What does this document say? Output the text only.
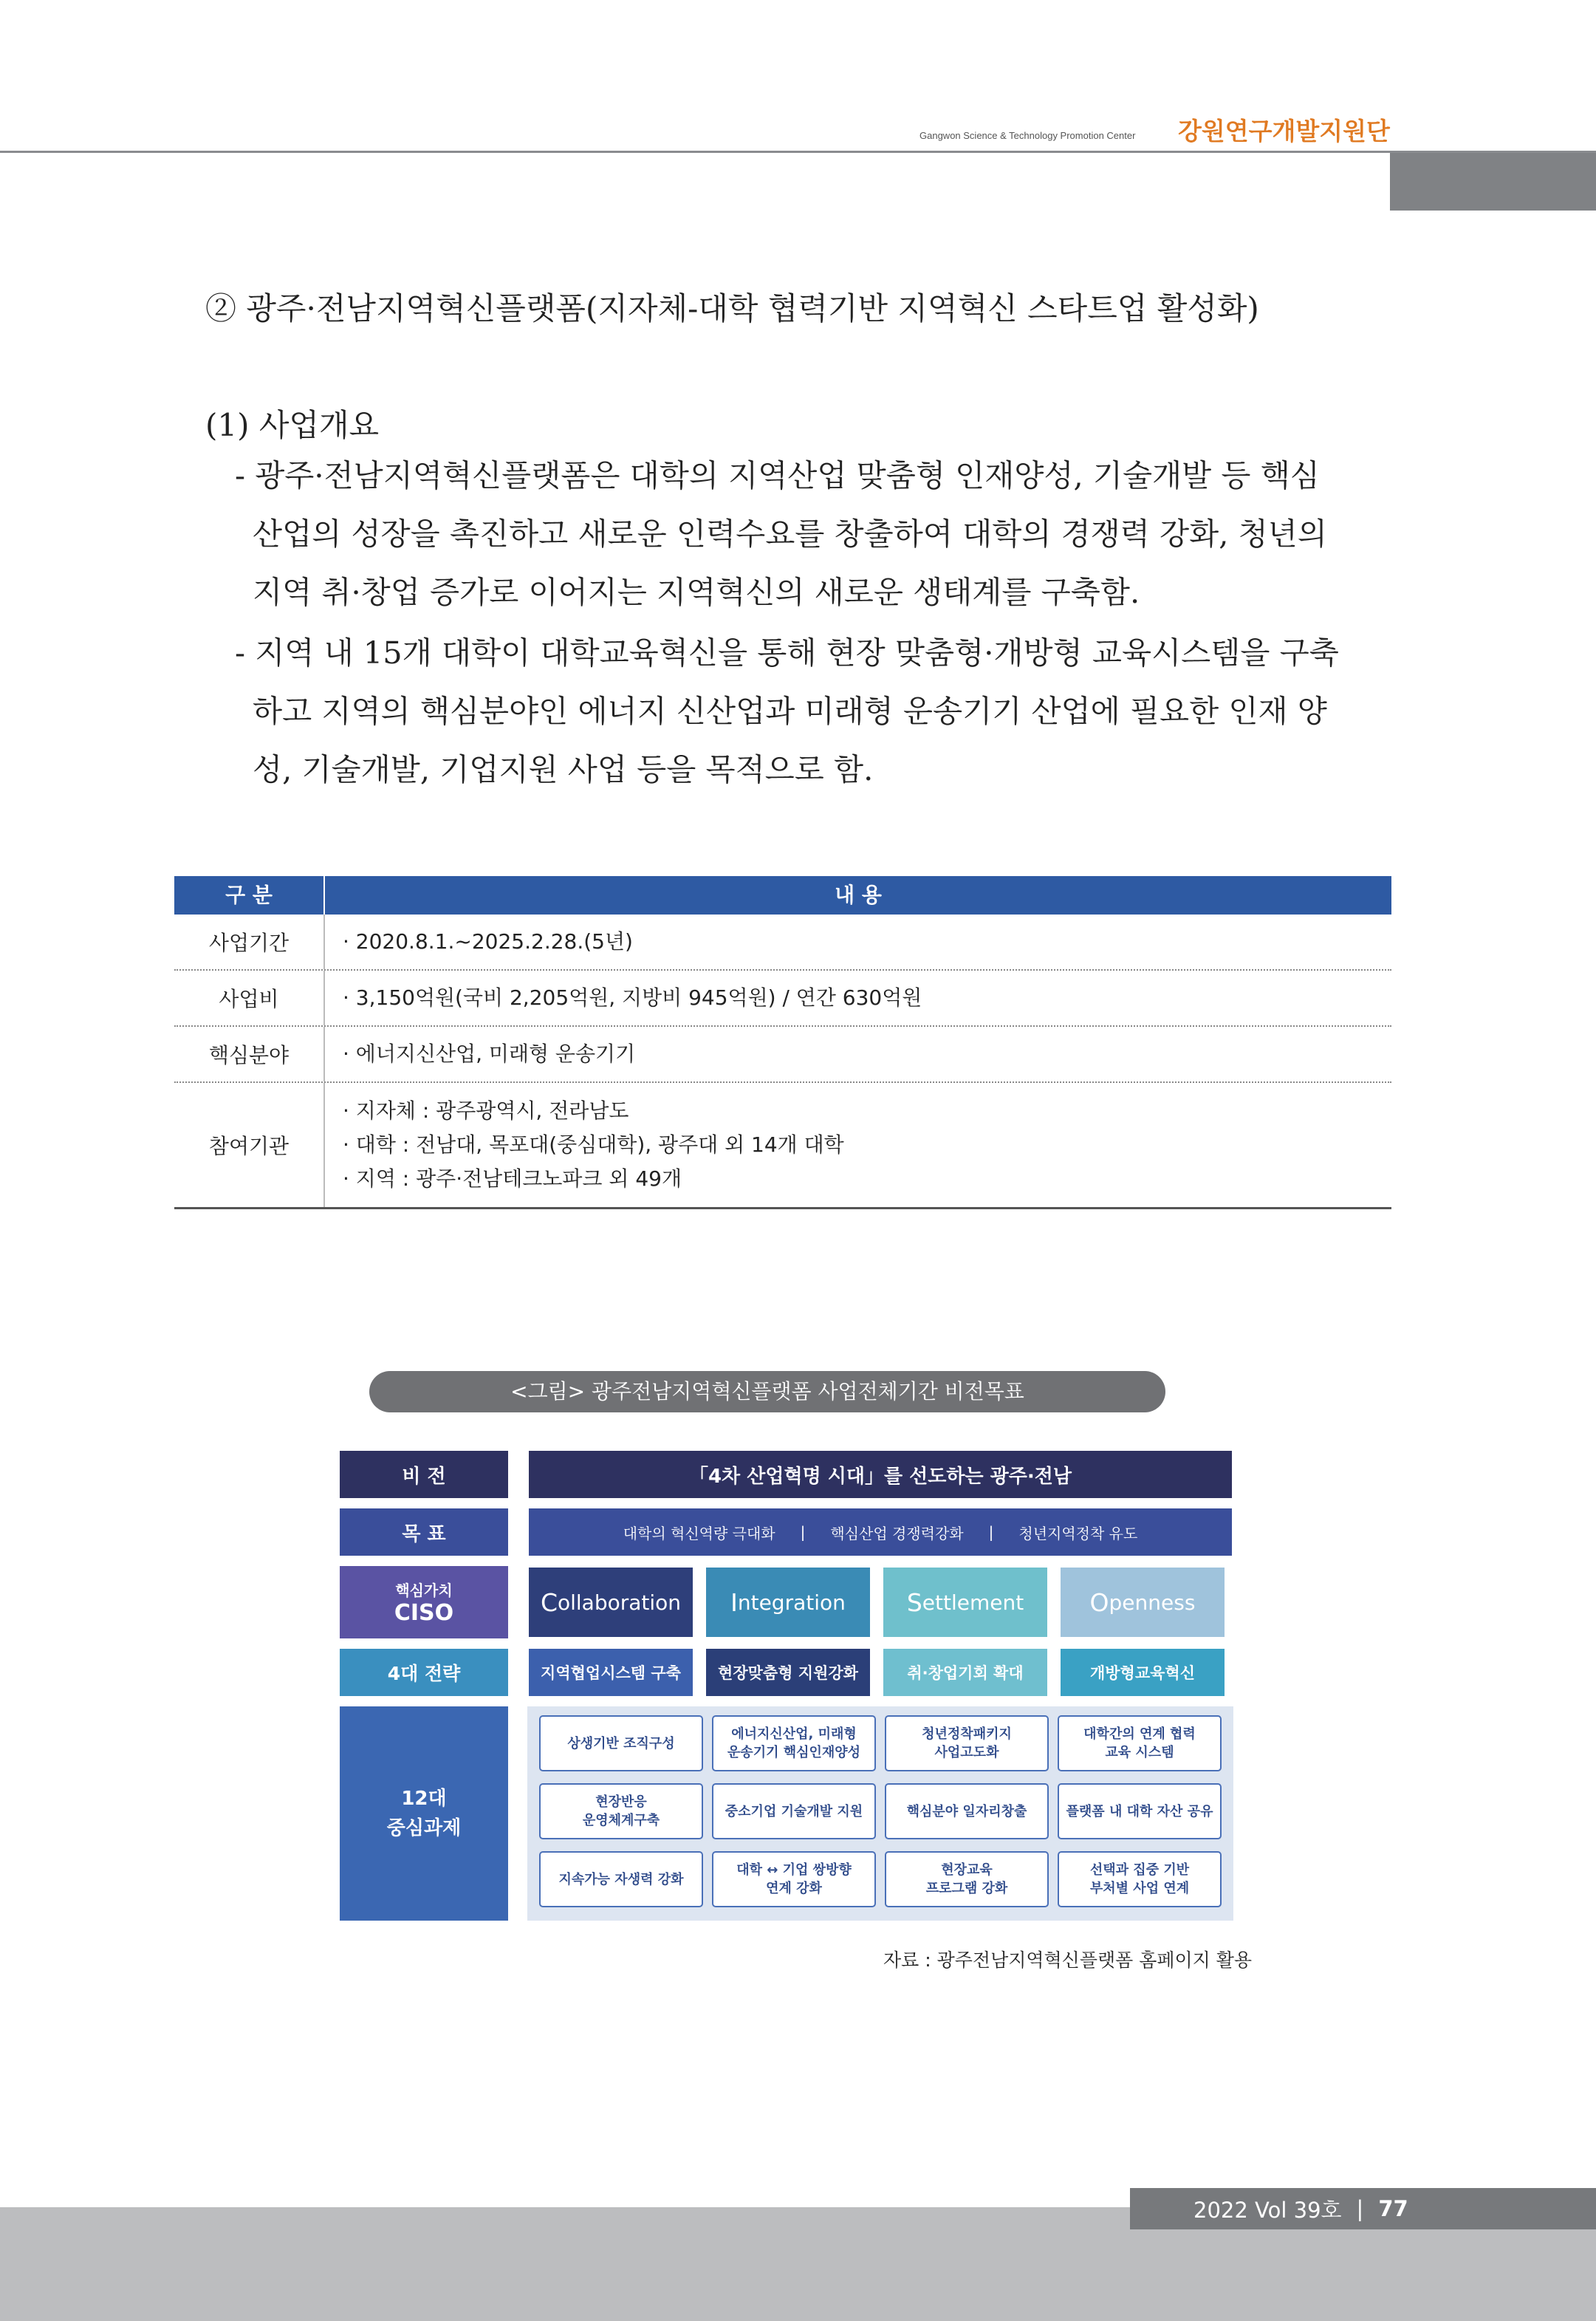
Gangwon Science & Technology Promotion Center 강원연구개발지원단
② 광주·전남지역혁신플랫폼(지자체-대학 협력기반 지역혁신 스타트업 활성화)
(1) 사업개요
- 광주·전남지역혁신플랫폼은 대학의 지역산업 맞춤형 인재양성, 기술개발 등 핵심
산업의 성장을 촉진하고 새로운 인력수요를 창출하여 대학의 경쟁력 강화, 청년의
지역 취·창업 증가로 이어지는 지역혁신의 새로운 생태계를 구축함.
- 지역 내 15개 대학이 대학교육혁신을 통해 현장 맞춤형·개방형 교육시스템을 구축
하고 지역의 핵심분야인 에너지 신산업과 미래형 운송기기 산업에 필요한 인재 양
성, 기술개발, 기업지원 사업 등을 목적으로 함.
구 분	내 용
사업기간	· 2020.8.1.~2025.2.28.(5년)
사업비	· 3,150억원(국비 2,205억원, 지방비 945억원) / 연간 630억원
핵심분야	· 에너지신산업, 미래형 운송기기
참여기관
· 지자체 : 광주광역시, 전라남도
· 대학 : 전남대, 목포대(중심대학), 광주대 외 14개 대학
· 지역 : 광주·전남테크노파크 외 49개
<그림> 광주전남지역혁신플랫폼 사업전체기간 비전목표
비 전
목 표
핵심가치
CISO
4대 전략
12대
중심과제
「4차 산업혁명 시대」를 선도하는 광주·전남
대학의 혁신역량 극대화 | 핵심산업 경쟁력강화 | 청년지역정착 유도
C ollaboration I ntegration	S ettlement	O penness
지역협업시스템 구축	현장맞춤형 지원강화	취·창업기회 확대	개방형교육혁신
상생기반 조직구성
에너지신산업, 미래형
운송기기 핵심인재양성
청년정착패키지
사업고도화
대학간의 연계 협력
교육 시스템
현장반응
운영체계구축
중소기업 기술개발 지원	핵심분야 일자리창출	플랫폼 내 대학 자산 공유
지속가능 자생력 강화
대학 ↔ 기업 쌍방향
연계 강화
현장교육
프로그램 강화
선택과 집중 기반
부처별 사업 연계
자료 : 광주전남지역혁신플랫폼 홈페이지 활용
2022 Vol 39호 | 77
